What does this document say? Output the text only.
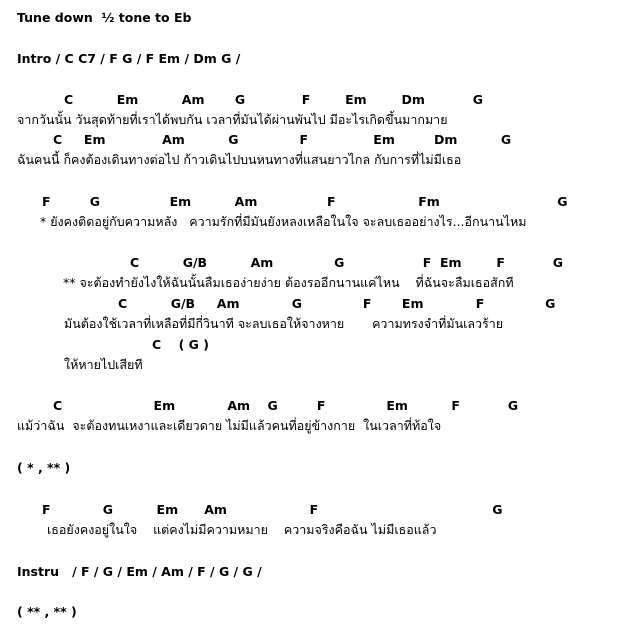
Tune down  ½ tone to Eb
Intro / C C7 / F G / F Em / Dm G /
C          Em          Am       G             F        Em        Dm           G
จากวันนั้น วันสุดท้ายที่เราได้พบกัน เวลาที่มันได้ผ่านพันไป มีอะไรเกิดขึ้นมากมาย
C     Em             Am          G              F               Em         Dm          G
ฉันคนนี้ ก็คงต้องเดินทางต่อไป ก้าวเดินไปบนหนทางที่แสนยาวไกล กับการที่ไม่มีเธอ
F         G                Em          Am                F                   Fm                           G
* ยังคงติดอยู่กับความหลัง   ความรักที่มีมันยังหลงเหลือในใจ จะลบเธออย่างไร...อีกนานไหม
C          G/B          Am              G                  F  Em        F           G
** จะต้องทำยังไงให้ฉันนั้นลืมเธอง่ายง่าย ต้องรออีกนานแค่ไหน    ที่ฉันจะลืมเธอสักที
C          G/B     Am            G              F       Em            F              G
มันต้องใช้เวลาที่เหลือที่มีกี่วินาที จะลบเธอให้จางหาย       ความทรงจำที่มันเลวร้าย
C    ( G )
ให้หายไปเสียที
C                     Em            Am    G         F              Em          F           G
แม้ว่าฉัน  จะต้องทนเหงาและเดียวดาย ไม่มีแล้วคนที่อยู่ข้างกาย  ในเวลาที่ท้อใจ
( * , ** )
F            G          Em      Am                   F                                        G
เธอยังคงอยู่ในใจ    แต่คงไม่มีความหมาย    ความจริงคือฉัน ไม่มีเธอแล้ว
Instru   / F / G / Em / Am / F / G / G /
( ** , ** )
